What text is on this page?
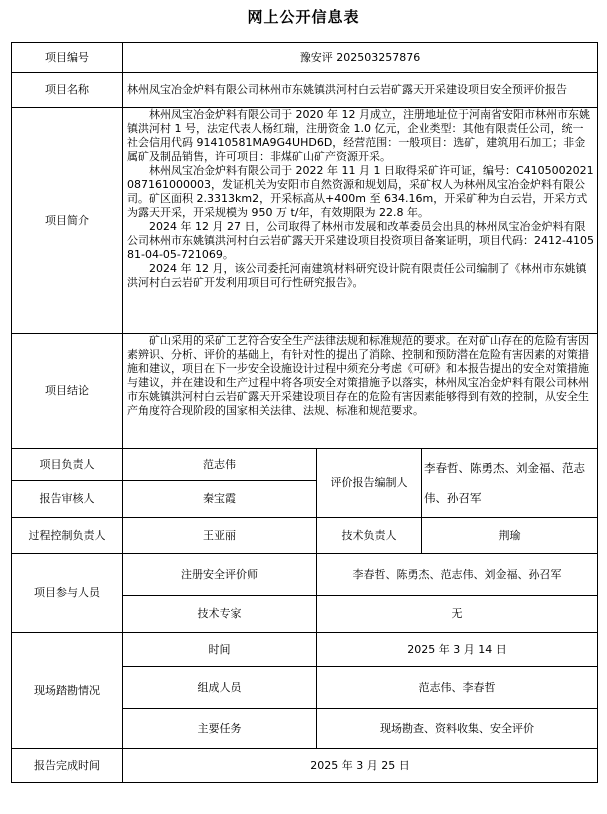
网上公开信息表
项目编号	豫安评 202503257876		
项目名称	林州凤宝冶金炉料有限公司林州市东姚镇洪河村白云岩矿露天开采建设项目安全预评价报告		
项目简介	林州凤宝冶金炉料有限公司于 2020 年 12 月成立，注册地址位于河南省安阳市林州市东姚镇洪河村 1 号，法定代表人杨红瑞，注册资金 1.0 亿元，企业类型：其他有限责任公司，统一社会信用代码 91410581MA9G4UHD6D，经营范围：一般项目：选矿，建筑用石加工；非金属矿及制品销售，许可项目：非煤矿山矿产资源开采。

林州凤宝冶金炉料有限公司于 2022 年 11 月 1 日取得采矿许可证，编号：C4105002021087161000003，发证机关为安阳市自然资源和规划局，采矿权人为林州凤宝冶金炉料有限公司。矿区面积 2.3313km2，开采标高从+400m 至 634.16m，开采矿种为白云岩，开采方式为露天开采，开采规模为 950 万 t/年，有效期限为 22.8 年。

2024 年 12 月 27 日，公司取得了林州市发展和改革委员会出具的林州凤宝冶金炉料有限公司林州市东姚镇洪河村白云岩矿露天开采建设项目投资项目备案证明，项目代码：2412-410581-04-05-721069。

2024 年 12 月，该公司委托河南建筑材料研究设计院有限责任公司编制了《林州市东姚镇洪河村白云岩矿开发利用项目可行性研究报告》。		

项目结论	矿山采用的采矿工艺符合安全生产法律法规和标准规范的要求。在对矿山存在的危险有害因素辨识、分析、评价的基础上，有针对性的提出了消除、控制和预防潜在危险有害因素的对策措施和建议，项目在下一步安全设施设计过程中须充分考虑《可研》和本报告提出的安全对策措施与建议，并在建设和生产过程中将各项安全对策措施予以落实，林州凤宝冶金炉料有限公司林州市东姚镇洪河村白云岩矿露天开采建设项目存在的危险有害因素能够得到有效的控制，从安全生产角度符合现阶段的国家相关法律、法规、标准和规范要求。		

项目负责人	范志伟	评价报告编制人	李春哲、陈勇杰、刘金福、范志伟、孙召军
报告审核人	秦宝霞		
过程控制负责人	王亚丽	技术负责人	荆瑜
项目参与人员	注册安全评价师	李春哲、陈勇杰、范志伟、刘金福、孙召军	
	技术专家	无	
现场踏勘情况	时间	2025 年 3 月 14 日	
	组成人员	范志伟、李春哲	
	主要任务	现场勘查、资料收集、安全评价	
报告完成时间	2025 年 3 月 25 日		
